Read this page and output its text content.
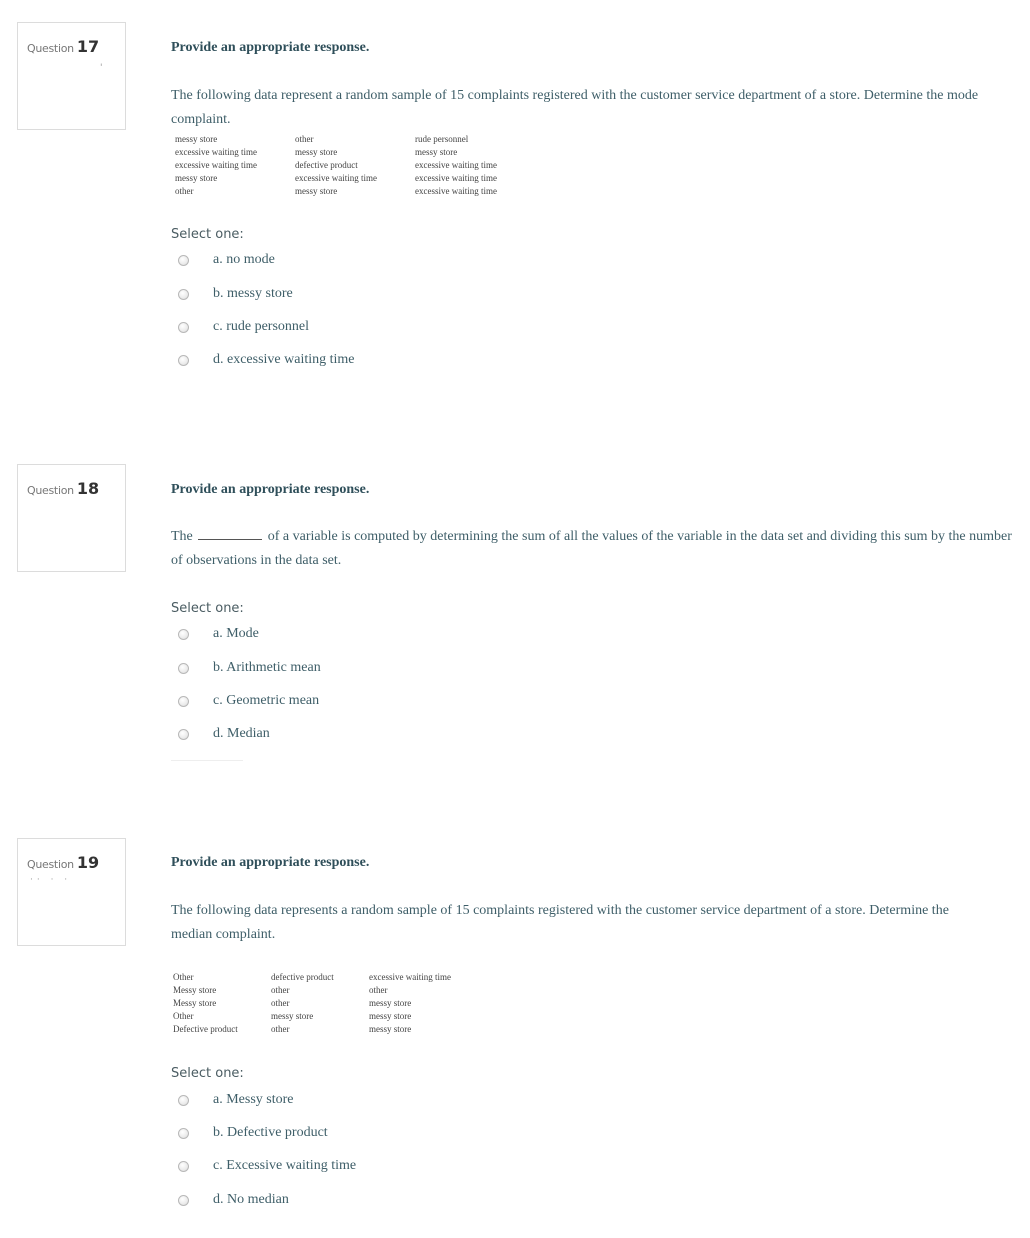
Question 17
'
Provide an appropriate response.
The following data represent a random sample of 15 complaints registered with the customer service department of a store. Determine the mode complaint.
messy store	other	rude personnel
excessive waiting time	messy store	messy store
excessive waiting time	defective product	excessive waiting time
messy store	excessive waiting time	excessive waiting time
other	messy store	excessive waiting time
Select one:
a. no mode
b. messy store
c. rude personnel
d. excessive waiting time
Question 18	Provide an appropriate response.
The	of a variable is computed by determining the sum of all the values of the variable in the data set and dividing this sum by the number of observations in the data set.
Select one:
a. Mode
b. Arithmetic mean
c. Geometric mean
d. Median
Question 19
·· · ·
Provide an appropriate response.
The following data represents a random sample of 15 complaints registered with the customer service department of a store. Determine the median complaint.
Other	defective product	excessive waiting time
Messy store	other	other
Messy store	other	messy store
Other	messy store	messy store
Defective product	other	messy store
Select one:
a. Messy store
b. Defective product
c. Excessive waiting time
d. No median
